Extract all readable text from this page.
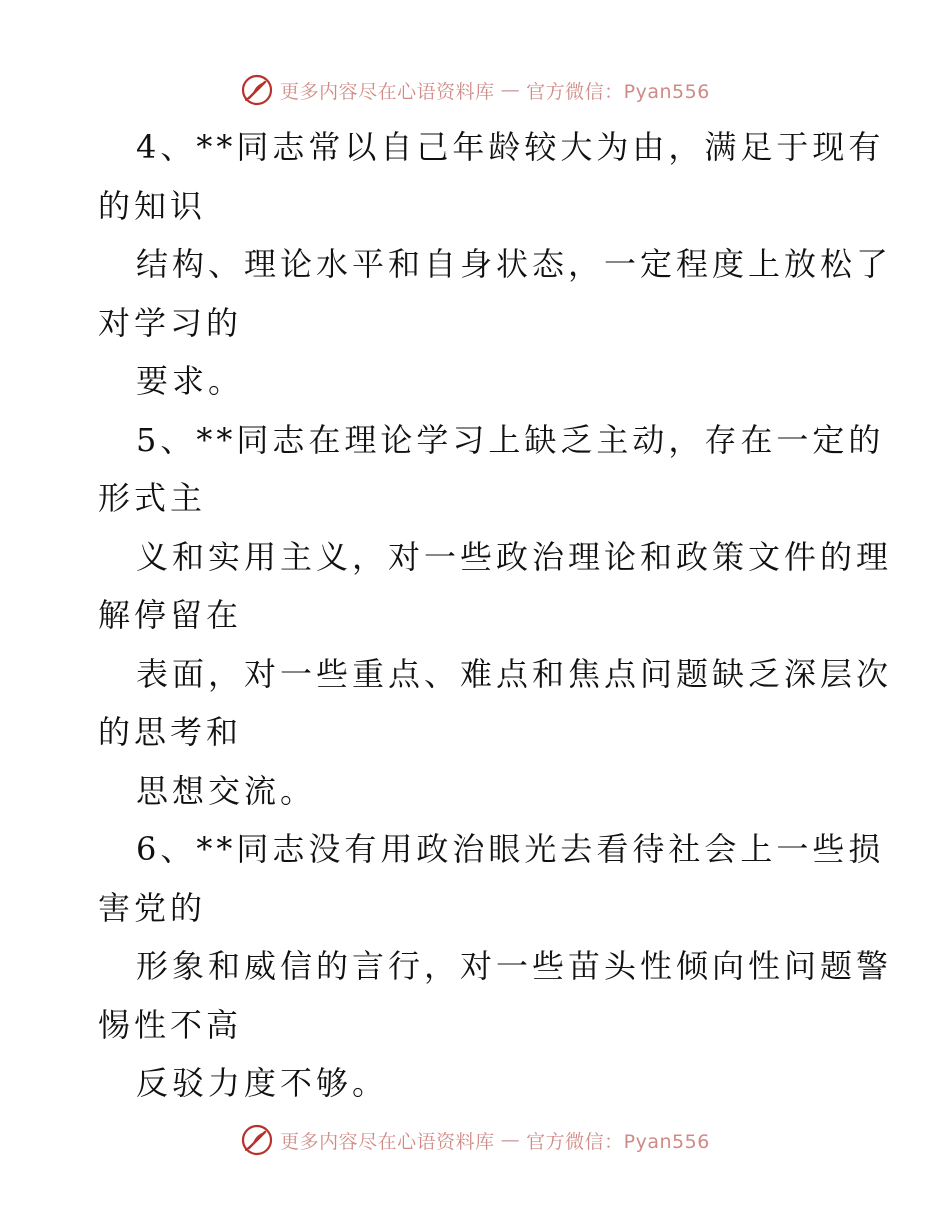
更多内容尽在心语资料库 — 官方微信：Pyan556
4、**同志常以自己年龄较大为由，满足于现有
的知识
结构、理论水平和自身状态，一定程度上放松了
对学习的
要求。
5、**同志在理论学习上缺乏主动，存在一定的
形式主
义和实用主义，对一些政治理论和政策文件的理
解停留在
表面，对一些重点、难点和焦点问题缺乏深层次
的思考和
思想交流。
6、**同志没有用政治眼光去看待社会上一些损
害党的
形象和威信的言行，对一些苗头性倾向性问题警
惕性不高
反驳力度不够。
更多内容尽在心语资料库 — 官方微信：Pyan556
